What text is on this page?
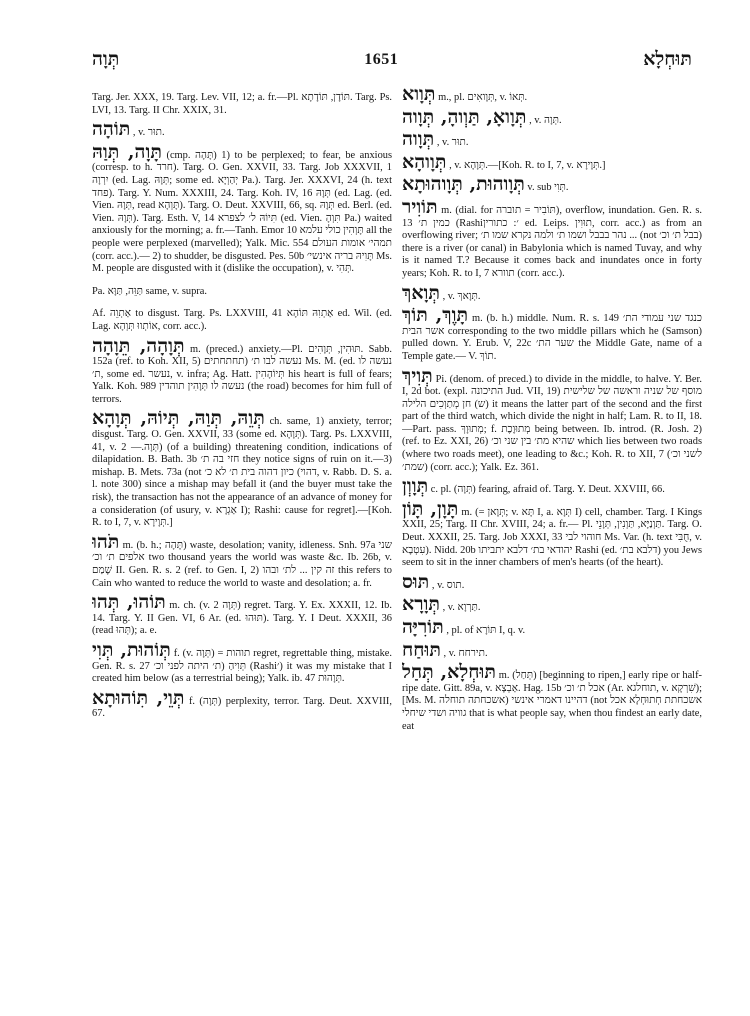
תְּוָה	1651	תּוּחְלָא

Targ. Jer. XXX, 19. Targ. Lev. VII, 12; a. fr.—Pl. תּוֹדָן, תּוֹדָתָא. Targ. Ps. LVI, 13. Targ. II Chr. XXIX, 31.

תּוֹהָה , v. תוּר.

תָּוָה, תְּוַהּ (cmp. תָּהָה) 1) to be perplexed; to fear, be anxious (corresp. to h. חרד). Targ. O. Gen. XXVII, 33. Targ. Job XXXVII, 1 יִרְוָה (ed. Lag. תְּוָהּ; some ed. יְהַוְיָא Pa.). Targ. Jer. XXXVI, 24 (h. text פחד). Targ. Y. Num. XXXIII, 24. Targ. Koh. IV, 16 תְּוָהּ (ed. Lag. (ed. Vien. תְּוָהּ, read תָּוְהָא). Targ. O. Deut. XXVIII, 66, sq. תְּוָהּ ed. Berl. (ed. Vien. תְּוָהּ). Targ. Esth. V, 14 תִּיוֹהּ ל׳ לצפרא (ed. Vien. תִּוְהָ Pa.) waited anxiously for the morning; a. fr.—Tanh. Emor 10 תָּוְהִין כולי עלמא all the people were perplexed (marvelled); Yalk. Mic. 554 תמהי׳ אומות העולם (corr. acc.).— 2) to shudder, be disgusted. Pes. 50b תָּוִיהּ בריה אינשי׳ Ms. M. people are disgusted with it (dislike the occupation), v. תְּהִי.

Pa. תַּוֵּה, תַּוָּא same, v. supra.

Af. אַתְוֵה to disgust. Targ. Ps. LXXVIII, 41 אַתְוִהּ תּוֹהָא ed. Wil. (ed. Lag. אוֹתְווּ תְּוְהָא, corr. acc.).

תְּוָהָה, תֵּוָהָה m. (preced.) anxiety.—Pl. תּוּהִין, תְּוָהִים. Sabb. 152a (ref. to Koh. XII, 5) נעשה לבו ת׳ (תחתחתים Ms. M. (ed. נעשה לו ת׳, some ed. נעשר, v. infra; Ag. Hatt. תְּיוֹהָהִין his heart is full of fears; Yalk. Koh. 989 נעשה לו תְּוָהִין תוהדין (the road) becomes for him full of terrors.

תְּוֵהּ, תְּוַהּ, תְּיוֹהּ, תְּוָהָא ch. same, 1) anxiety, terror; disgust. Targ. O. Gen. XXVII, 33 (some ed. תְּוָהָא). Targ. Ps. LXXVIII, 41, v. תְּוָה.— 2) (of a building) threatening condition, indications of dilapidation. B. Bath. 3b חזי בה ת׳ they notice signs of ruin on it.—3) mishap. B. Mets. 73a (not כיון דהוה בית ת׳ לא כ׳ (דהוי, v. Rabb. D. S. a. l. note 300) since a mishap may befall it (and the buyer must take the risk), the transaction has not the appearance of an advance of money for a consideration (of usury, v. אַגְרָא I); Rashi: cause for regret].—[Koh. R. to I, 7, v. תְּוָירָא.]

תֹּהוּ m. (b. h.; תָּהָה) waste, desolation; vanity, idleness. Snh. 97a שני אלפים ת׳ וכ׳ two thousand years the world was waste &c. Ib. 26b, v. שָׁמַם II. Gen. R. s. 2 (ref. to Gen. I, 2) זה קין ... לת׳ ובהו this refers to Cain who wanted to reduce the world to waste and desolation; a. fr.

תּוֹהוּ, תְּהוּ m. ch. (v. תְּוָה 2) regret. Targ. Y. Ex. XXXII, 12. Ib. 14. Targ. Y. II Gen. VI, 6 Ar. (ed. תּוּהוּ). Targ. Y. I Deut. XXXII, 36 (read תְּהוּ); a. e.

תְּוֹהוּת, תְּוִי f. (v. תְּוָה) = תוהות regret, regrettable thing, mistake. Gen. R. s. 27 תְּוִיהַ (ת׳ היתה לפני וכ׳ (Rashi׳) it was my mistake that I created him below (as a terrestrial being); Yalk. ib. 47 תְּוָהוּת.

תְּוֵי, תִּוֹהוּתָא f. (תְּוָה) perplexity, terror. Targ. Deut. XXVIII, 67.

תְּוָוא m., pl. תְּוָואִים, v. תְּאוֹ.

תְּוָואָ, תַּוְוהָ, תְּוָוה , v. תְּוָה.

תְּוָוה , v. תוּר.

תְּוָוהָא , v. תְּוָהָא.—[Koh. R. to I, 7, v. תְּוָירָא.]

תְּוָוהוּת, תְּוָוהוּתָא v. sub תְּוִי.

תּוֹוִיר m. (dial. for תּוֹבִיר = תוברה), overflow, inundation. Gen. R. s. 13 כמין ת׳ (Rashi׳: כתורין ed. Leips. תוּוִין, corr. acc.) as from an overflowing river; נהר בבבל ושמו ת׳ ולמה נקרא שמו ת׳ ... (not בבל ת׳ וכ׳) there is a river (or canal) in Babylonia which is named Tuvay, and why is it named T.? Because it comes back and inundates once in forty years; Koh. R. to I, 7 תוורא (corr. acc.).

תְּוָאךְ , v. תְּוָאךְ.

תָּוֶךְ, תּוֹךְ m. (b. h.) middle. Num. R. s. 149 כנגד שני עמודי הת׳ אשר הבית corresponding to the two middle pillars which he (Samson) pulled down. Y. Erub. V, 22c שער הת׳ the Middle Gate, name of a Temple gate.— V. תוֹךְ.

תְּוִיךְ Pi. (denom. of preced.) to divide in the middle, to halve. Y. Ber. I, 2d bot. (expl. התיכונה Jud. VII, 19) מוסף של שניה וראשה של שלישית (ש) חן מְתַוְכִים הלילה it means the latter part of the second and the first part of the third watch, which divide the night in half; Lam. R. to II, 18.—Part. pass. מְתוּוָךְ; f. מְתוּוֶכֶת being between. Ib. introd. (R. Josh. 2) (ref. to Ez. XXI, 26) שהיא מת׳ בין שני וכ׳ which lies between two roads (where two roads meet), one leading to &c.; Koh. R. to XII, 7 (לשני וכ׳ שמת׳) (corr. acc.); Yalk. Ez. 361.

תְּוָוְן c. pl. (תְּוָה) fearing, afraid of. Targ. Y. Deut. XXVIII, 66.

תָּוָן, תָּוֹן m. (= תְּוָאן; v. תָּא I, a. תְּוָא I) cell, chamber. Targ. I Kings XXII, 25; Targ. II Chr. XVIII, 24; a. fr.— Pl. תַּוְנַיָּא, תַּוְנִין, תְּוָנֵי. Targ. O. Deut. XXXII, 25. Targ. Job XXXI, 33 חוהוי לבי Ms. Var. (h. text חֻבִּי, v. עִטְבָא). Nidd. 20b יהודאי בת׳ דלבא יתביתו Rashi (ed. דלבא בת׳) you Jews seem to sit in the inner chambers of men's hearts (of the heart).

תּוּס , v. תוס.

תְּוָרָא , v. תַּרְוָא.

תּוֹרִיָּה , pl. of תּוֹרָא I, q. v.

תּוּחַח , v. תירחח.

תּוּחְלָא, תְּחַל m. (תְּחַל) [beginning to ripen,] early ripe or half-ripe date. Gitt. 89a, v. אַבְצָא. Hag. 15b אכל ת׳ וכ׳ (Ar. תוחלגא, v. שִׁרְקָא); [Ms. M. דהיינו דאמרי אינשי (אשכחתה תוחלה (not אשכחתת חְתוּחְלָא אכל גוויה ושדי שיחלי that is what people say, when thou findest an early date, eat
